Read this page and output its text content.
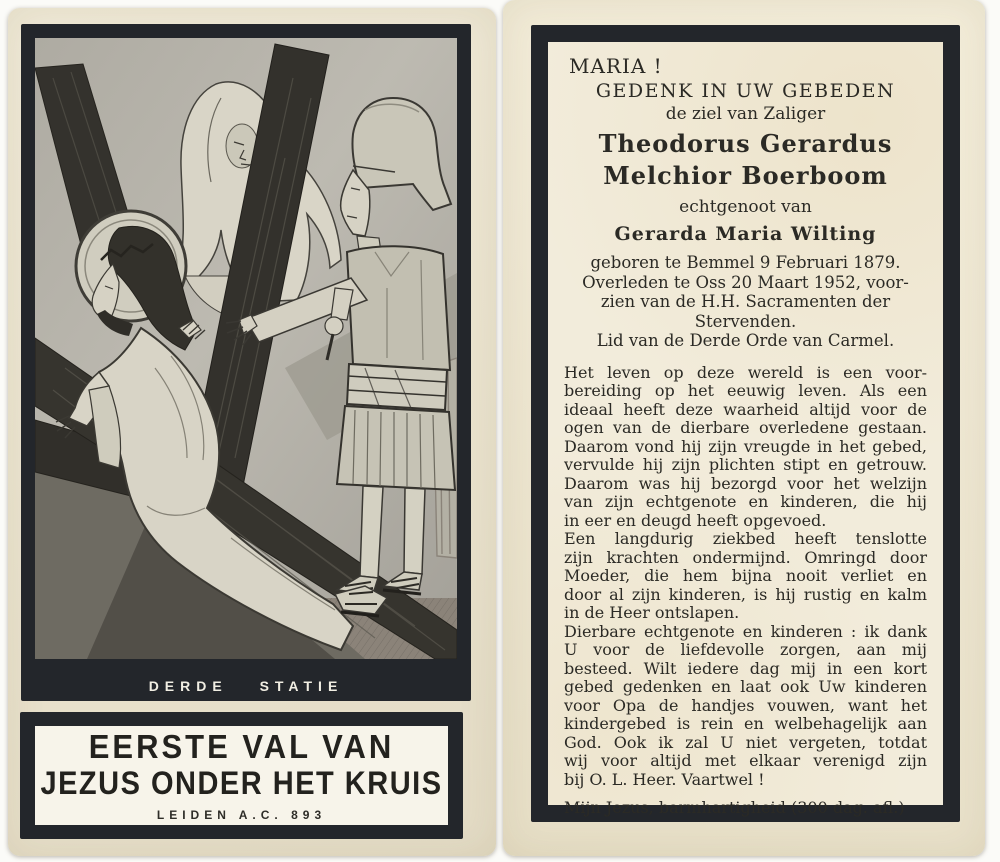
DERDE STATIE
EERSTE VAL VAN
JEZUS ONDER HET KRUIS
LEIDEN A.C. 893
MARIA !
GEDENK IN UW GEBEDEN
de ziel van Zaliger
Theodorus Gerardus
Melchior Boerboom
echtgenoot van
Gerarda Maria Wilting
geboren te Bemmel 9 Februari 1879.
Overleden te Oss 20 Maart 1952, voor-
zien van de H.H. Sacramenten der
Stervenden.
Lid van de Derde Orde van Carmel.
Het leven op deze wereld is een voor-
bereiding op het eeuwig leven. Als een
ideaal heeft deze waarheid altijd voor de
ogen van de dierbare overledene gestaan.
Daarom vond hij zijn vreugde in het gebed,
vervulde hij zijn plichten stipt en getrouw.
Daarom was hij bezorgd voor het welzijn
van zijn echtgenote en kinderen, die hij
in eer en deugd heeft opgevoed.
Een langdurig ziekbed heeft tenslotte
zijn krachten ondermijnd. Omringd door
Moeder, die hem bijna nooit verliet en
door al zijn kinderen, is hij rustig en kalm
in de Heer ontslapen.
Dierbare echtgenote en kinderen : ik dank
U voor de liefdevolle zorgen, aan mij
besteed. Wilt iedere dag mij in een kort
gebed gedenken en laat ook Uw kinderen
voor Opa de handjes vouwen, want het
kindergebed is rein en welbehagelijk aan
God. Ook ik zal U niet vergeten, totdat
wij voor altijd met elkaar verenigd zijn
bij O. L. Heer. Vaartwel !
Mijn Jezus, barmhartigheid (300 dag. afl.)
